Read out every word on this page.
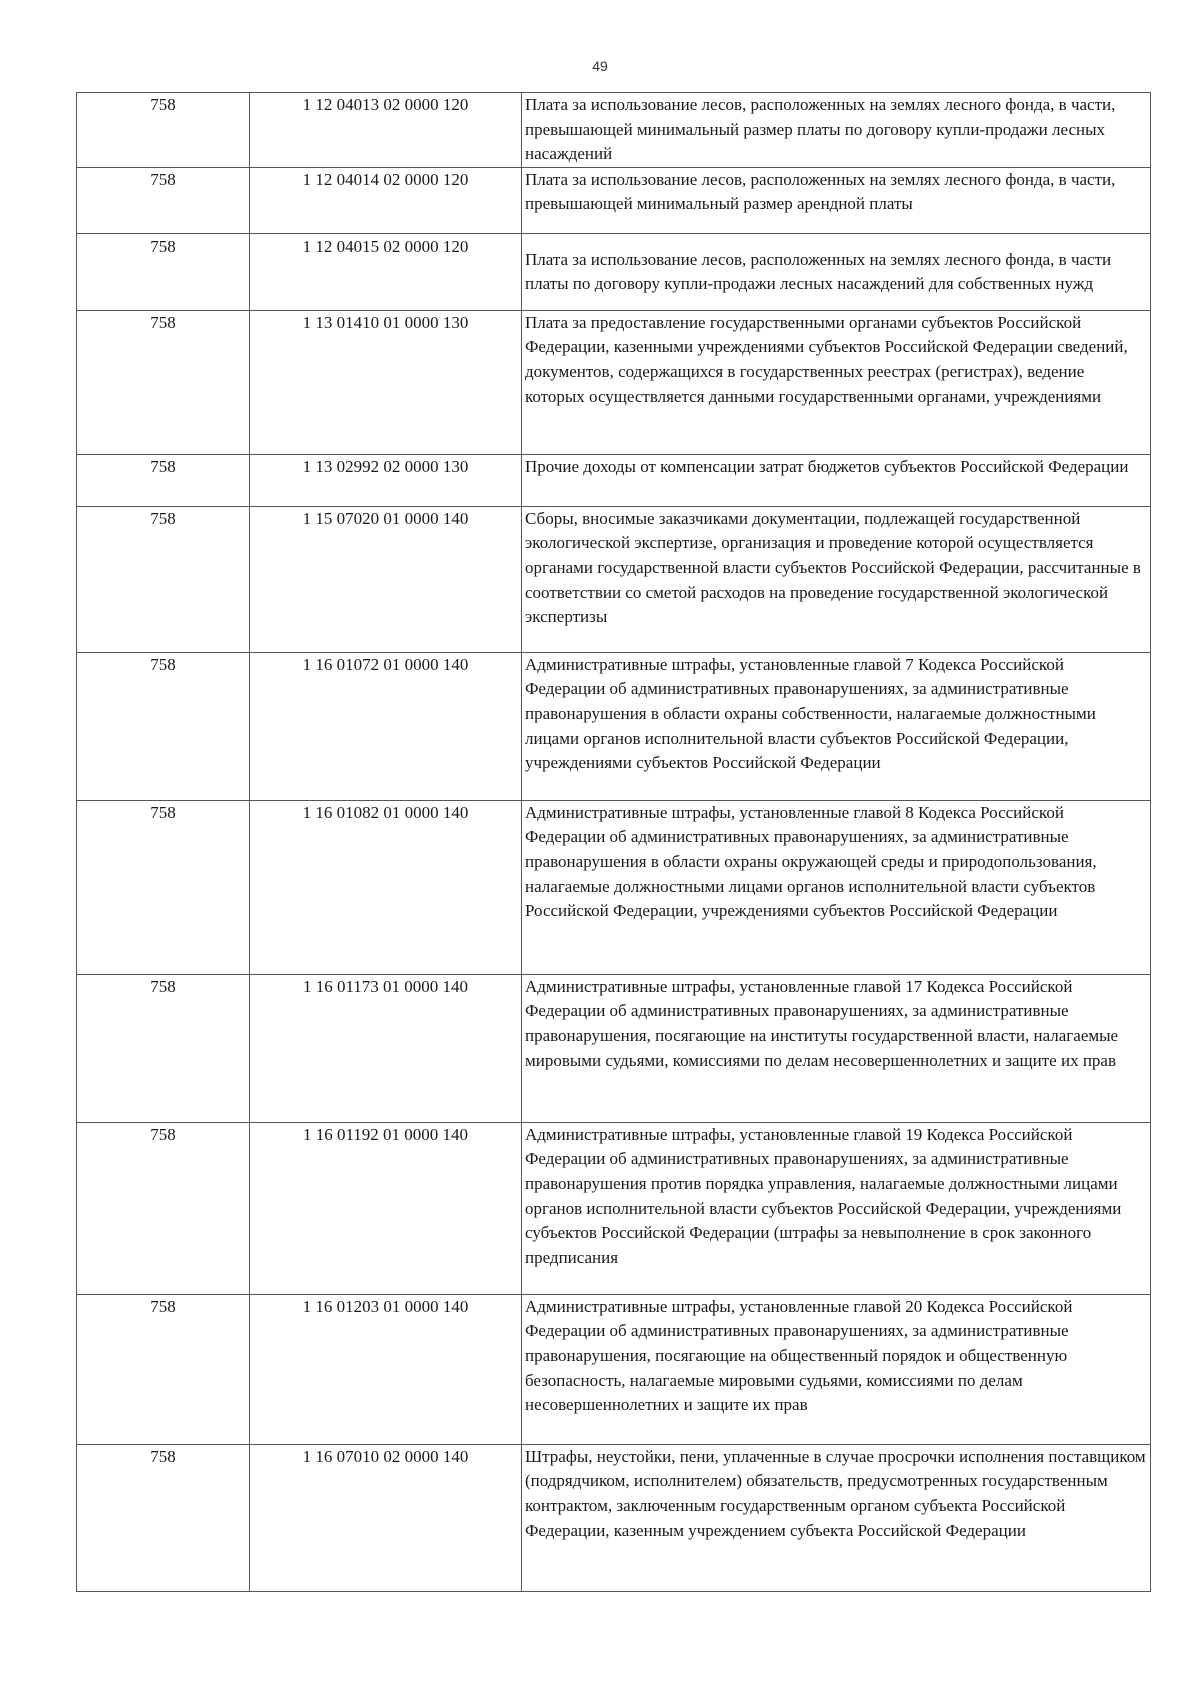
49
758	1 12 04013 02 0000 120	Плата за использование лесов, расположенных на землях лесного фонда, в части, превышающей минимальный размер платы по договору купли-продажи лесных насаждений
758	1 12 04014 02 0000 120	Плата за использование лесов, расположенных на землях лесного фонда, в части, превышающей минимальный размер арендной платы
758	1 12 04015 02 0000 120	Плата за использование лесов, расположенных на землях лесного фонда, в части платы по договору купли-продажи лесных насаждений для собственных нужд
758	1 13 01410 01 0000 130	Плата за предоставление государственными органами субъектов Российской Федерации, казенными учреждениями субъектов Российской Федерации сведений, документов, содержащихся в государственных реестрах (регистрах), ведение которых осуществляется данными государственными органами, учреждениями
758	1 13 02992 02 0000 130	Прочие доходы от компенсации затрат бюджетов субъектов Российской Федерации
758	1 15 07020 01 0000 140	Сборы, вносимые заказчиками документации, подлежащей государственной экологической экспертизе, организация и проведение которой осуществляется органами государственной власти субъектов Российской Федерации, рассчитанные в соответствии со сметой расходов на проведение государственной экологической экспертизы
758	1 16 01072 01 0000 140	Административные штрафы, установленные главой 7 Кодекса Российской Федерации об административных правонарушениях, за административные правонарушения в области охраны собственности, налагаемые должностными лицами органов исполнительной власти субъектов Российской Федерации, учреждениями субъектов Российской Федерации
758	1 16 01082 01 0000 140	Административные штрафы, установленные главой 8 Кодекса Российской Федерации об административных правонарушениях, за административные правонарушения в области охраны окружающей среды и природопользования, налагаемые должностными лицами органов исполнительной власти субъектов Российской Федерации, учреждениями субъектов Российской Федерации
758	1 16 01173 01 0000 140	Административные штрафы, установленные главой 17 Кодекса Российской Федерации об административных правонарушениях, за административные правонарушения, посягающие на институты государственной власти, налагаемые мировыми судьями, комиссиями по делам несовершеннолетних и защите их прав
758	1 16 01192 01 0000 140	Административные штрафы, установленные главой 19 Кодекса Российской Федерации об административных правонарушениях, за административные правонарушения против порядка управления, налагаемые должностными лицами органов исполнительной власти субъектов Российской Федерации, учреждениями субъектов Российской Федерации (штрафы за невыполнение в срок законного предписания
758	1 16 01203 01 0000 140	Административные штрафы, установленные главой 20 Кодекса Российской Федерации об административных правонарушениях, за административные правонарушения, посягающие на общественный порядок и общественную безопасность, налагаемые мировыми судьями, комиссиями по делам несовершеннолетних и защите их прав
758	1 16 07010 02 0000 140	Штрафы, неустойки, пени, уплаченные в случае просрочки исполнения поставщиком (подрядчиком, исполнителем) обязательств, предусмотренных государственным контрактом, заключенным государственным органом субъекта Российской Федерации, казенным учреждением субъекта Российской Федерации
